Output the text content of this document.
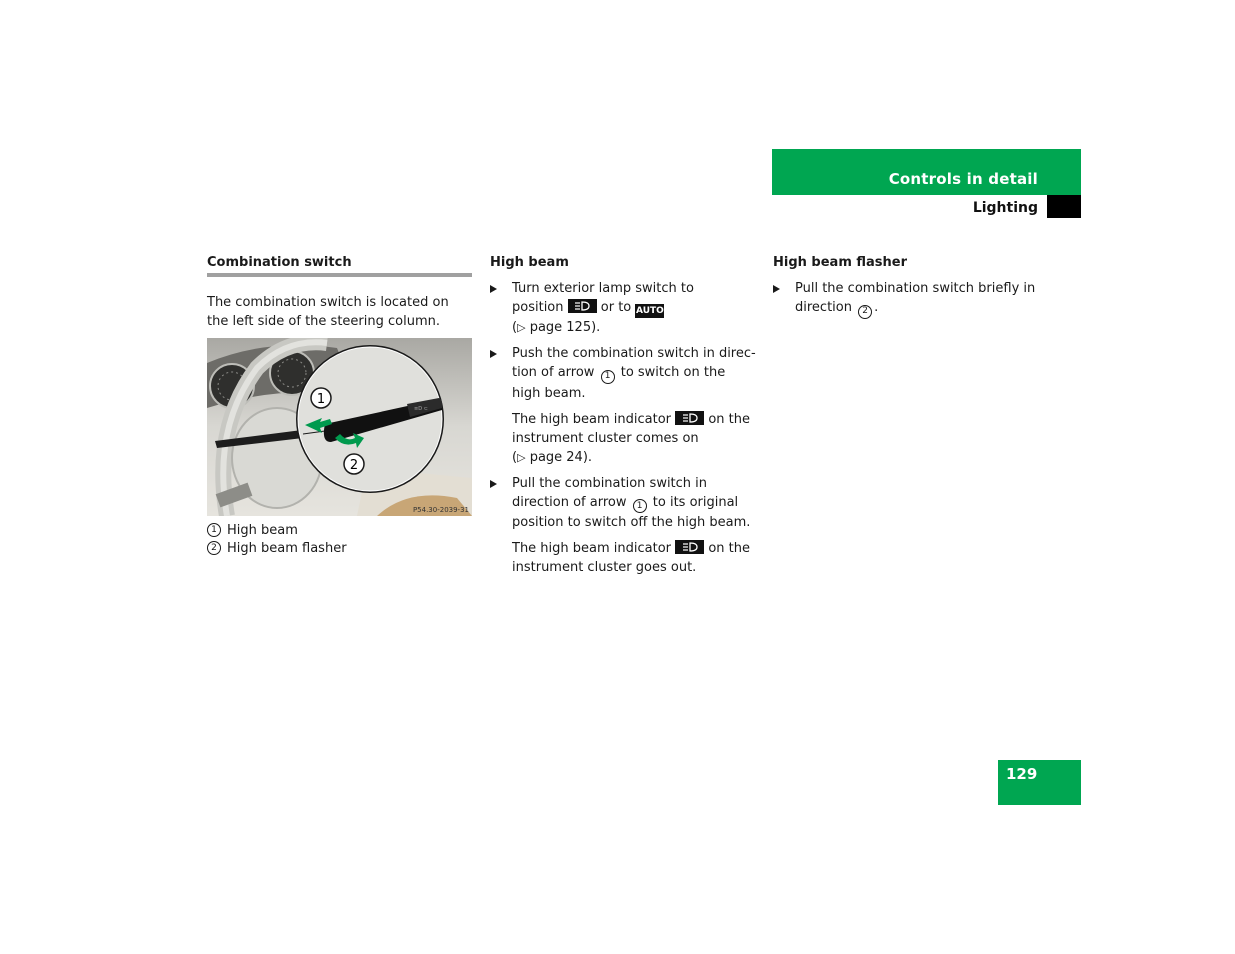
Controls in detail
Lighting
Combination switch
The combination switch is located on the left side of the steering column.
≡D ⊂
1
2
P54.30-2039-31
1 High beam
2 High beam flasher
High beam
Turn exterior lamp switch to
position	or to AUTO
(▷ page 125).
Push the combination switch in direc-tion of arrow 1 to switch on the high beam.
The high beam indicator	on the instrument cluster comes on
(▷ page 24).
Pull the combination switch in direction of arrow 1 to its original position to switch off the high beam.
The high beam indicator	on the instrument cluster goes out.
High beam flasher
Pull the combination switch briefly in direction 2 .
129
